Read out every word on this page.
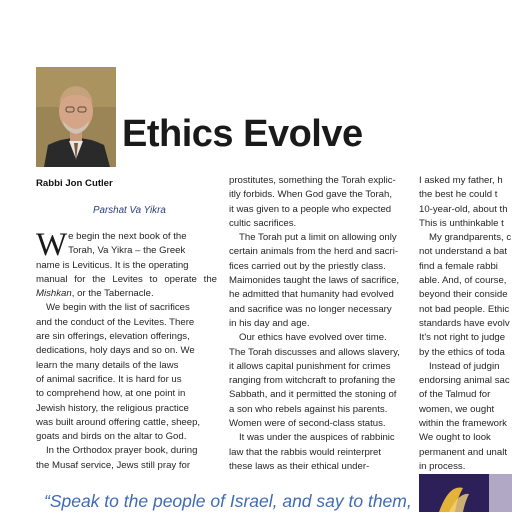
Ethics Evolve
Rabbi Jon Cutler
Parshat Va Yikra

We begin the next book of the
Torah, Va Yikra – the Greek
name is Leviticus. It is the operating
manual for the Levites to operate the Mishkan, or the Tabernacle.

We begin with the list of sacrifices
and the conduct of the Levites. There
are sin offerings, elevation offerings,
dedications, holy days and so on. We
learn the many details of the laws
of animal sacrifice. It is hard for us
to comprehend how, at one point in
Jewish history, the religious practice
was built around offering cattle, sheep,
goats and birds on the altar to God.

In the Orthodox prayer book, during
the Musaf service, Jews still pray for

prostitutes, something the Torah explic-
itly forbids. When God gave the Torah,
it was given to a people who expected
cultic sacrifices.

The Torah put a limit on allowing only
certain animals from the herd and sacri-
fices carried out by the priestly class.
Maimonides taught the laws of sacrifice,
he admitted that humanity had evolved
and sacrifice was no longer necessary
in his day and age.

Our ethics have evolved over time.
The Torah discusses and allows slavery,
it allows capital punishment for crimes
ranging from witchcraft to profaning the
Sabbath, and it permitted the stoning of
a son who rebels against his parents.
Women were of second-class status.

It was under the auspices of rabbinic
law that the rabbis would reinterpret
these laws as their ethical under-

I asked my father, h
the best he could t
10-year-old, about th
This is unthinkable t

My grandparents, c
not understand a bat
find a female rabbi
able. And, of course,
beyond their conside
not bad people. Ethic
standards have evolv
It's not right to judge
by the ethics of toda

Instead of judgin
endorsing animal sac
of the Talmud for
women, we ought
within the framework
We ought to look
permanent and unalt
in process.

“Speak to the people of Israel, and say to them,
